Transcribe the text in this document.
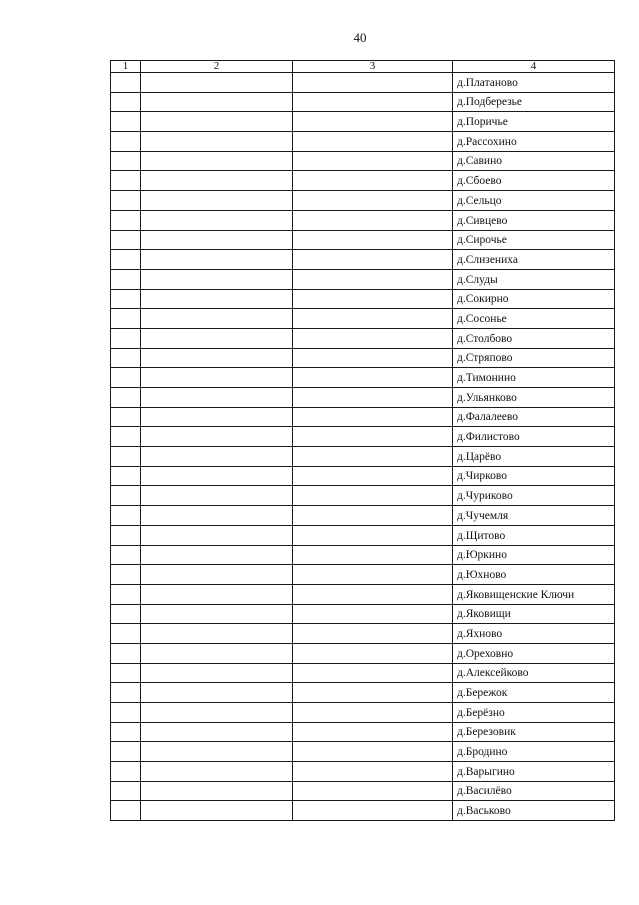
40
1	2	3	4
			д.Платаново
			д.Подберезье
			д.Поричье
			д.Рассохино
			д.Савино
			д.Сбоево
			д.Сельцо
			д.Сивцево
			д.Сирочье
			д.Слизениха
			д.Слуды
			д.Сокирно
			д.Сосонье
			д.Столбово
			д.Стряпово
			д.Тимонино
			д.Ульянково
			д.Фалалеево
			д.Филистово
			д.Царёво
			д.Чирково
			д.Чуриково
			д.Чучемля
			д.Щитово
			д.Юркино
			д.Юхново
			д.Яковищенские Ключи
			д.Яковищи
			д.Яхново
			д.Ореховно
			д.Алексейково
			д.Бережок
			д.Берёзно
			д.Березовик
			д.Бродино
			д.Варыгино
			д.Василёво
			д.Васьково
